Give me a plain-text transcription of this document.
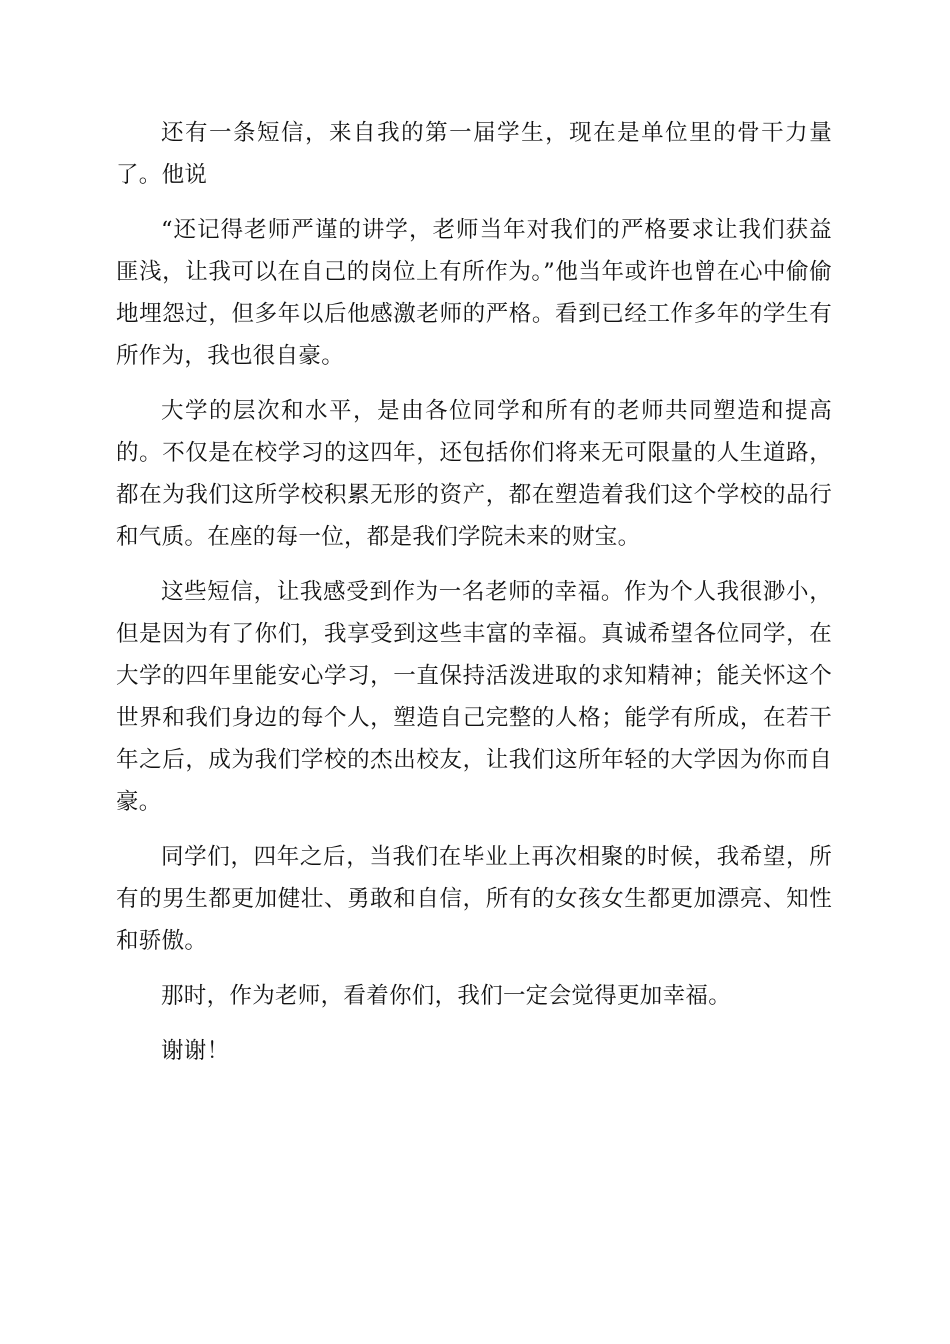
还有一条短信，来自我的第一届学生，现在是单位里的骨干力量了。他说

“还记得老师严谨的讲学，老师当年对我们的严格要求让我们获益匪浅，让我可以在自己的岗位上有所作为。”他当年或许也曾在心中偷偷地埋怨过，但多年以后他感激老师的严格。看到已经工作多年的学生有所作为，我也很自豪。

大学的层次和水平，是由各位同学和所有的老师共同塑造和提高的。不仅是在校学习的这四年，还包括你们将来无可限量的人生道路，都在为我们这所学校积累无形的资产，都在塑造着我们这个学校的品行和气质。在座的每一位，都是我们学院未来的财宝。

这些短信，让我感受到作为一名老师的幸福。作为个人我很渺小，但是因为有了你们，我享受到这些丰富的幸福。真诚希望各位同学，在大学的四年里能安心学习，一直保持活泼进取的求知精神；能关怀这个世界和我们身边的每个人，塑造自己完整的人格；能学有所成，在若干年之后，成为我们学校的杰出校友，让我们这所年轻的大学因为你而自豪。

同学们，四年之后，当我们在毕业上再次相聚的时候，我希望，所有的男生都更加健壮、勇敢和自信，所有的女孩女生都更加漂亮、知性和骄傲。

那时，作为老师，看着你们，我们一定会觉得更加幸福。

谢谢！
